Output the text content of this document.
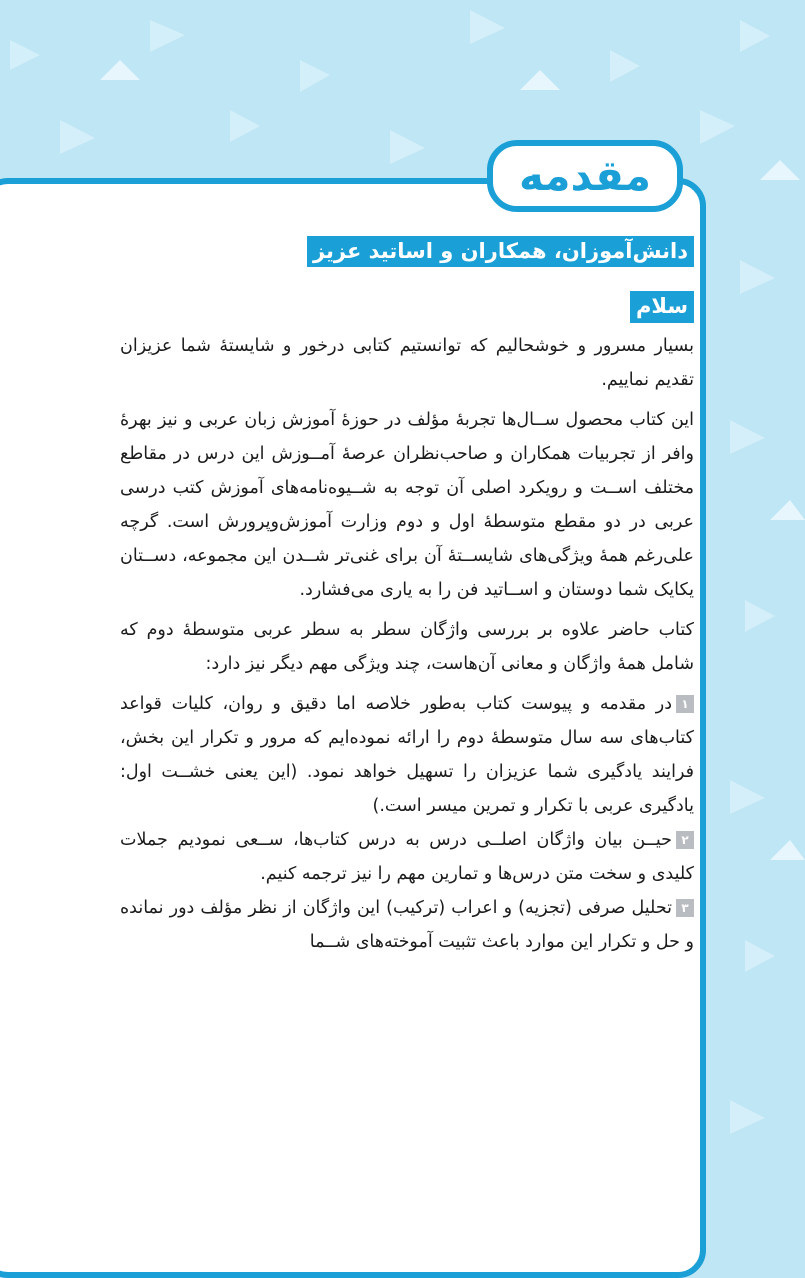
مقدمه
دانش‌آموزان، همکاران و اساتید عزیز
سلام

بسیار مسرور و خوشحالیم که توانستیم کتابی درخور و شایستهٔ شما عزیزان تقدیم نماییم.

این کتاب محصول ســال‌ها تجربهٔ مؤلف در حوزهٔ آموزش زبان عربی و نیز بهرهٔ وافر از تجربیات همکاران و صاحب‌نظران عرصهٔ آمــوزش این درس در مقاطع مختلف اســت و رویکرد اصلی آن توجه به شــیوه‌نامه‌های آموزش کتب درسی عربی در دو مقطع متوسطهٔ اول و دوم وزارت آموزش‌وپرورش است. گرچه علی‌رغم همهٔ ویژگی‌های شایســتهٔ آن برای غنی‌تر شــدن این مجموعه، دســتان یکایک شما دوستان و اســاتید فن را به یاری می‌فشارد.

کتاب حاضر علاوه بر بررسی واژگان سطر به سطر عربی متوسطهٔ دوم که شامل همهٔ واژگان و معانی آن‌هاست، چند ویژگی مهم دیگر نیز دارد:

۱در مقدمه و پیوست کتاب به‌طور خلاصه اما دقیق و روان، کلیات قواعد کتاب‌های سه سال متوسطهٔ دوم را ارائه نموده‌ایم که مرور و تکرار این بخش، فرایند یادگیری شما عزیزان را تسهیل خواهد نمود. (این یعنی خشــت اول: یادگیری عربی با تکرار و تمرین میسر است.)

۲حیــن بیان واژگان اصلــی درس به درس کتاب‌ها، ســعی نمودیم جملات کلیدی و سخت متن درس‌ها و تمارین مهم را نیز ترجمه کنیم.

۳تحلیل صرفی (تجزیه) و اعراب (ترکیب) این واژگان از نظر مؤلف دور نمانده و حل و تکرار این موارد باعث تثبیت آموخته‌های شــما
